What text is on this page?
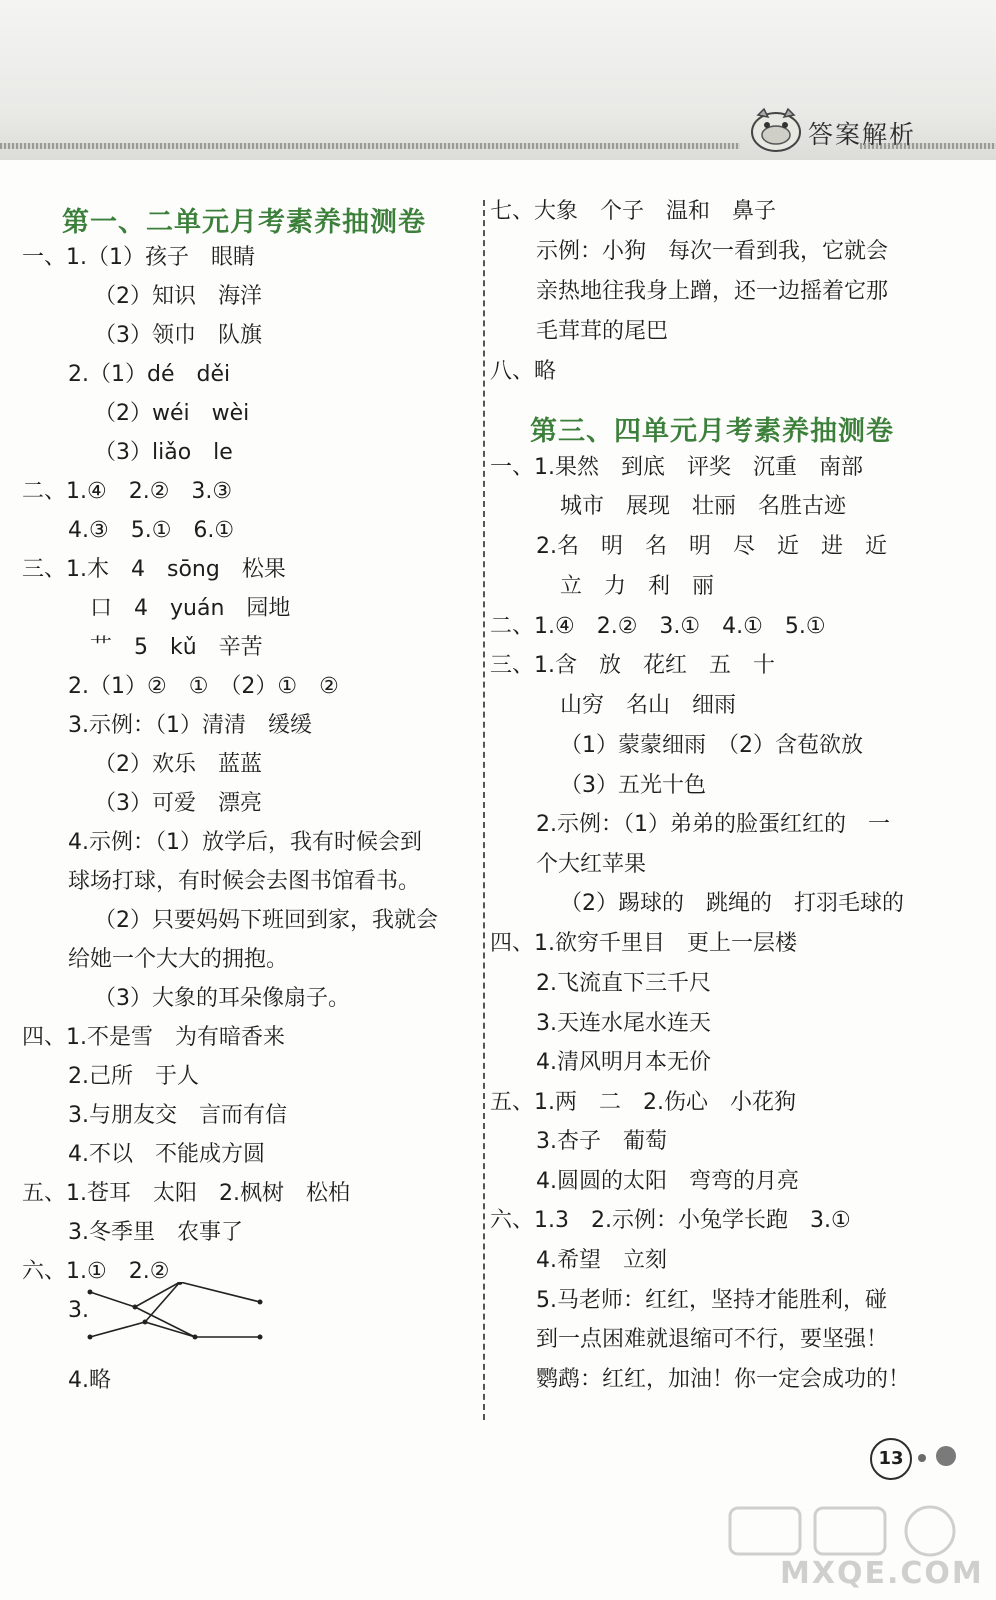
答案解析
第一、二单元月考素养抽测卷
一、1.（1）孩子　眼睛
（2）知识　海洋
（3）领巾　队旗
2.（1）dé　děi
（2）wéi　wèi
（3）liǎo　le
二、1.④　2.②　3.③
4.③　5.①　6.①
三、1.木　4　sōng　松果
口　4　yuán　园地
艹　5　kǔ　辛苦
2.（1）②　①　（2）①　②
3.示例：（1）清清　缓缓
（2）欢乐　蓝蓝
（3）可爱　漂亮
4.示例：（1）放学后，我有时候会到
球场打球，有时候会去图书馆看书。
（2）只要妈妈下班回到家，我就会
给她一个大大的拥抱。
（3）大象的耳朵像扇子。
四、1.不是雪　为有暗香来
2.己所　于人
3.与朋友交　言而有信
4.不以　不能成方圆
五、1.苍耳　太阳　2.枫树　松柏
3.冬季里　农事了
六、1.①　2.②
3.
4.略
七、大象　个子　温和　鼻子
示例：小狗　每次一看到我，它就会
亲热地往我身上蹭，还一边摇着它那
毛茸茸的尾巴
八、略
第三、四单元月考素养抽测卷
一、1.果然　到底　评奖　沉重　南部
城市　展现　壮丽　名胜古迹
2.名　明　名　明　尽　近　进　近
立　力　利　丽
二、1.④　2.②　3.①　4.①　5.①
三、1.含　放　花红　五　十
山穷　名山　细雨
（1）蒙蒙细雨　（2）含苞欲放
（3）五光十色
2.示例：（1）弟弟的脸蛋红红的　一
个大红苹果
（2）踢球的　跳绳的　打羽毛球的
四、1.欲穷千里目　更上一层楼
2.飞流直下三千尺
3.天连水尾水连天
4.清风明月本无价
五、1.两　二　2.伤心　小花狗
3.杏子　葡萄
4.圆圆的太阳　弯弯的月亮
六、1.3　2.示例：小兔学长跑　3.①
4.希望　立刻
5.马老师：红红，坚持才能胜利，碰
到一点困难就退缩可不行，要坚强！
鹦鹉：红红，加油！你一定会成功的！
13
MXQE.COM
